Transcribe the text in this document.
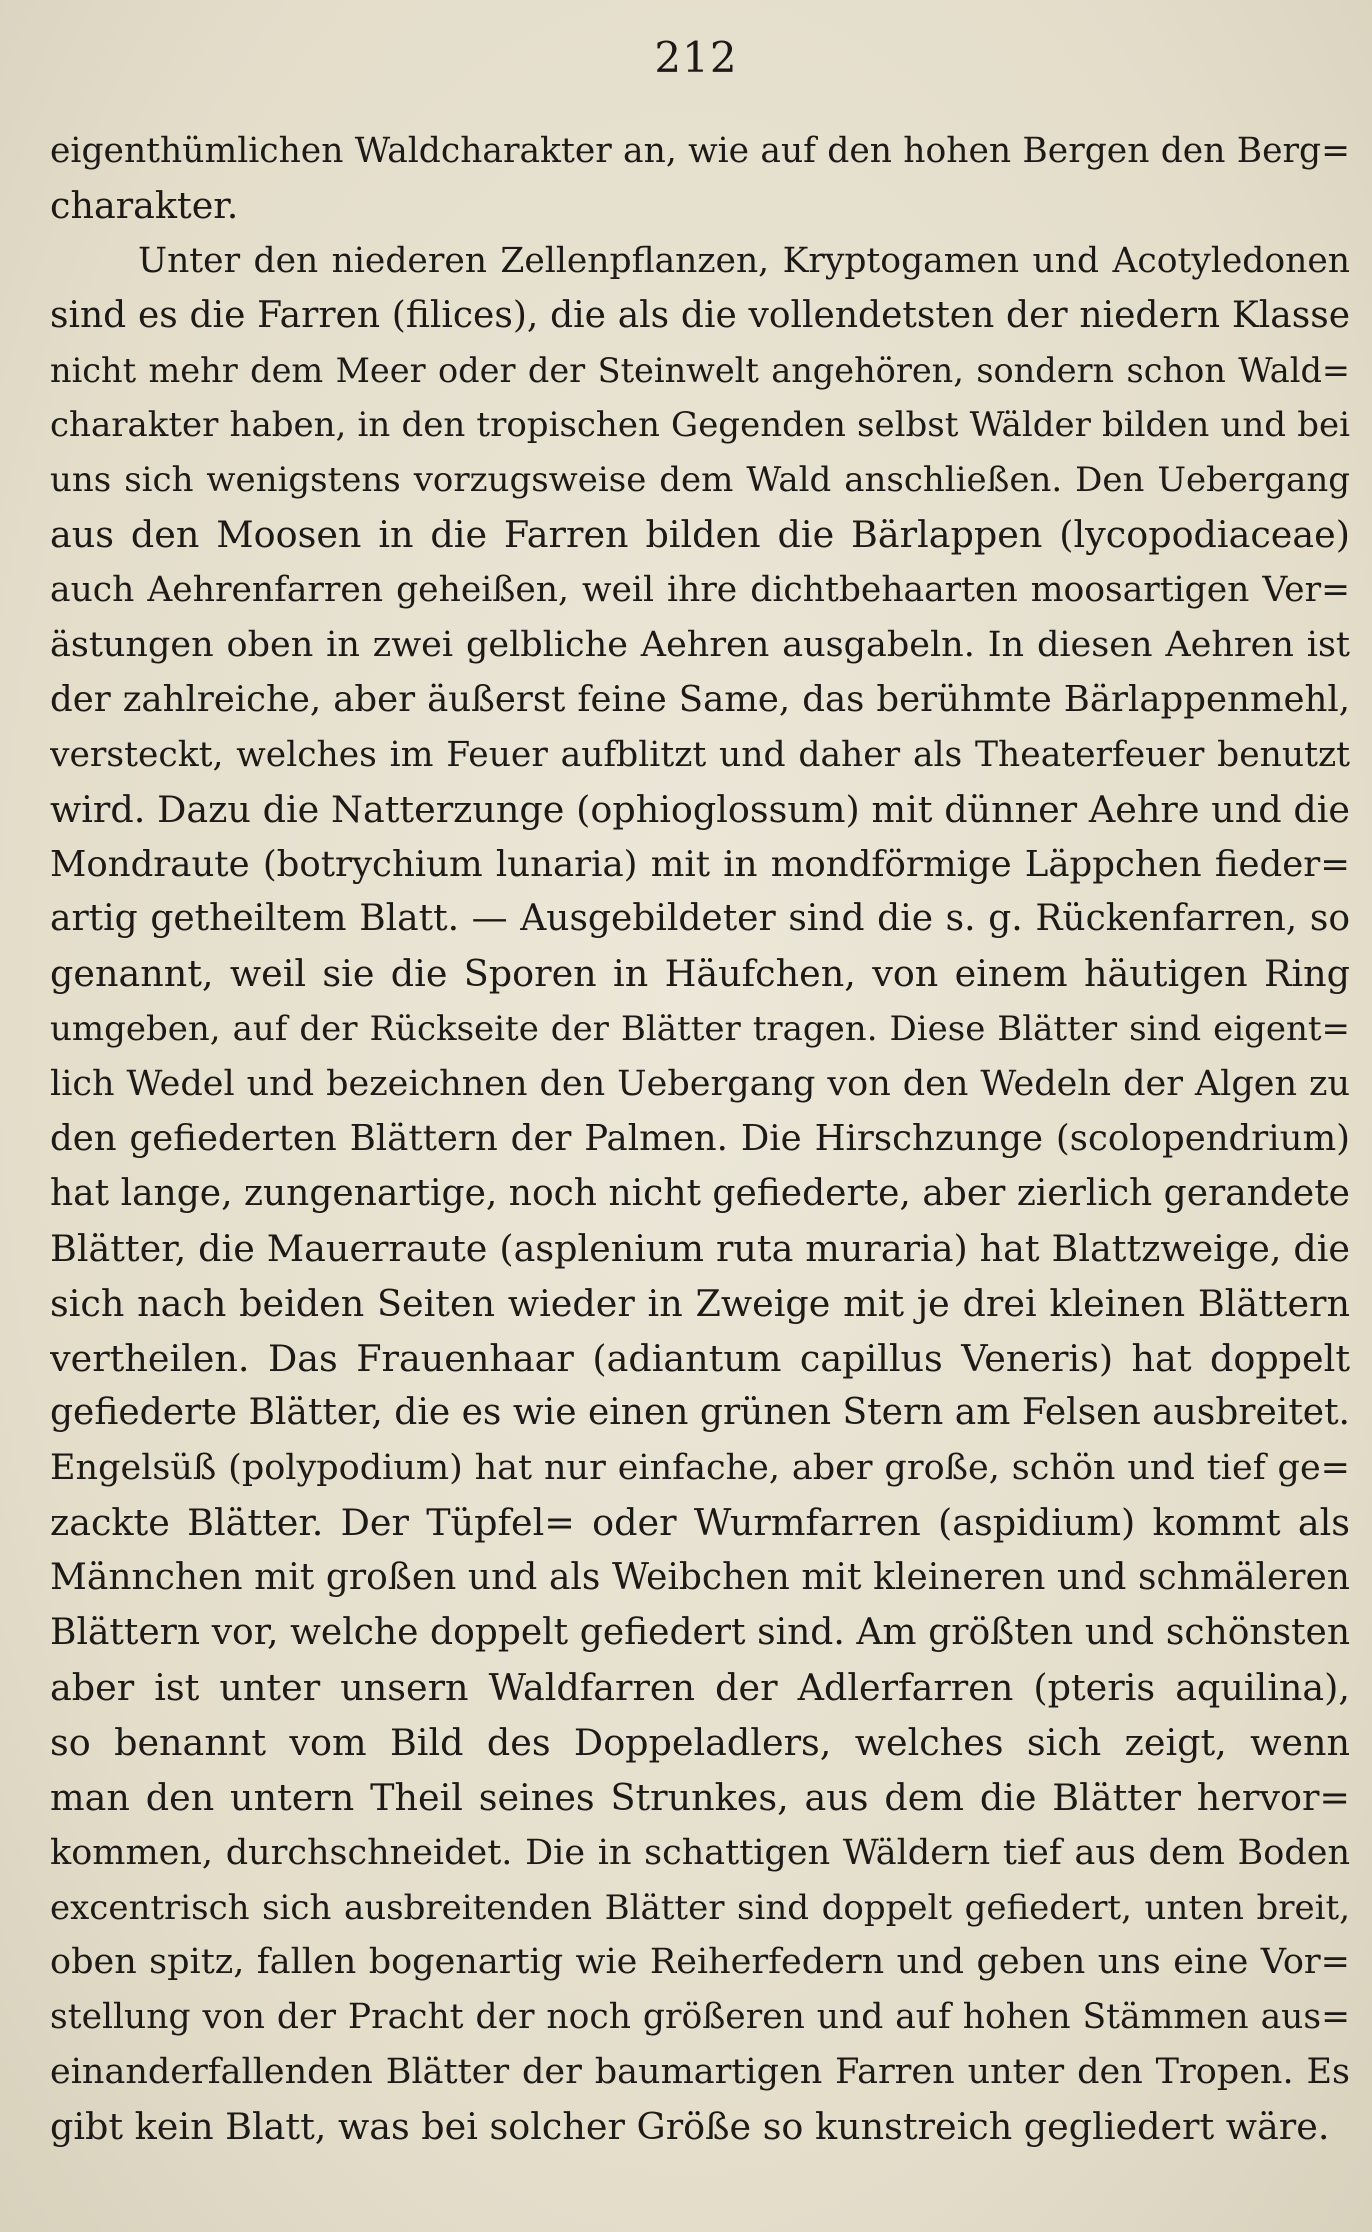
212
eigenthümlichen Waldcharakter an, wie auf den hohen Bergen den Berg=
charakter.
Unter den niederen Zellenpflanzen, Kryptogamen und Acotyledonen
sind es die Farren (filices), die als die vollendetsten der niedern Klasse
nicht mehr dem Meer oder der Steinwelt angehören, sondern schon Wald=
charakter haben, in den tropischen Gegenden selbst Wälder bilden und bei
uns sich wenigstens vorzugsweise dem Wald anschließen. Den Uebergang
aus den Moosen in die Farren bilden die Bärlappen (lycopodiaceae)
auch Aehrenfarren geheißen, weil ihre dichtbehaarten moosartigen Ver=
ästungen oben in zwei gelbliche Aehren ausgabeln. In diesen Aehren ist
der zahlreiche, aber äußerst feine Same, das berühmte Bärlappenmehl,
versteckt, welches im Feuer aufblitzt und daher als Theaterfeuer benutzt
wird. Dazu die Natterzunge (ophioglossum) mit dünner Aehre und die
Mondraute (botrychium lunaria) mit in mondförmige Läppchen fieder=
artig getheiltem Blatt. — Ausgebildeter sind die s. g. Rückenfarren, so
genannt, weil sie die Sporen in Häufchen, von einem häutigen Ring
umgeben, auf der Rückseite der Blätter tragen. Diese Blätter sind eigent=
lich Wedel und bezeichnen den Uebergang von den Wedeln der Algen zu
den gefiederten Blättern der Palmen. Die Hirschzunge (scolopendrium)
hat lange, zungenartige, noch nicht gefiederte, aber zierlich gerandete
Blätter, die Mauerraute (asplenium ruta muraria) hat Blattzweige, die
sich nach beiden Seiten wieder in Zweige mit je drei kleinen Blättern
vertheilen. Das Frauenhaar (adiantum capillus Veneris) hat doppelt
gefiederte Blätter, die es wie einen grünen Stern am Felsen ausbreitet.
Engelsüß (polypodium) hat nur einfache, aber große, schön und tief ge=
zackte Blätter. Der Tüpfel= oder Wurmfarren (aspidium) kommt als
Männchen mit großen und als Weibchen mit kleineren und schmäleren
Blättern vor, welche doppelt gefiedert sind. Am größten und schönsten
aber ist unter unsern Waldfarren der Adlerfarren (pteris aquilina),
so benannt vom Bild des Doppeladlers, welches sich zeigt, wenn
man den untern Theil seines Strunkes, aus dem die Blätter hervor=
kommen, durchschneidet. Die in schattigen Wäldern tief aus dem Boden
excentrisch sich ausbreitenden Blätter sind doppelt gefiedert, unten breit,
oben spitz, fallen bogenartig wie Reiherfedern und geben uns eine Vor=
stellung von der Pracht der noch größeren und auf hohen Stämmen aus=
einanderfallenden Blätter der baumartigen Farren unter den Tropen. Es
gibt kein Blatt, was bei solcher Größe so kunstreich gegliedert wäre.
